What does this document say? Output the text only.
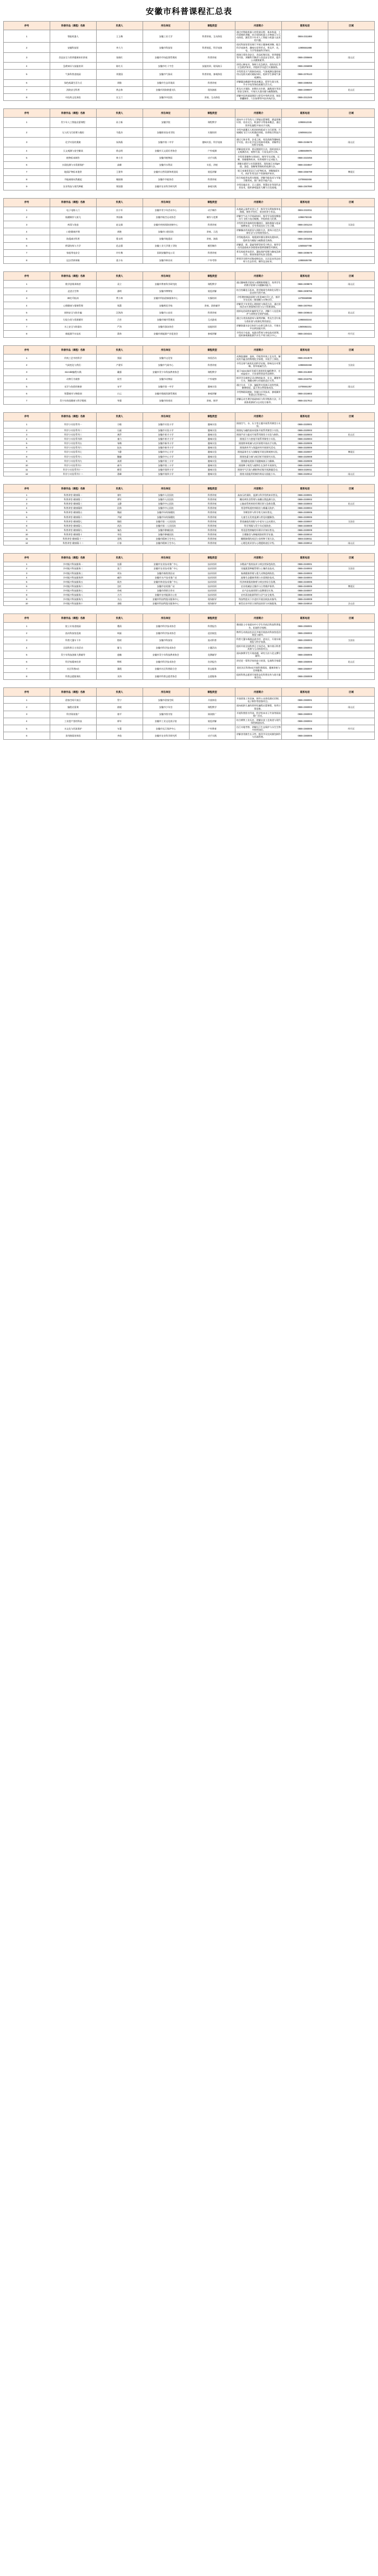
安徽市科普课程汇总表
序号	科普作品（课程）名称	负责人	所在单位	课程类型	内容简介	联系电话	区域
1	智能机器人	王玉梅	安徽工业大学	科普讲座、互动体验	通过对智能机器人的发展历程、基本构造、工作原理的讲解，结合现场机器人实物演示与互动体验，激发青少年对人工智能与机器人技术的兴趣。	0555-2311888	
2	安徽科技馆	李大力	安徽市科技馆	科普展览、科学表演	依托科技馆常设展厅开展主题参观讲解，配合科学表演秀、趣味实验等形式，普及声、光、电、力学等基础科学知识。	13905551888	
3	食品安全与营养健康知识讲座	张晓红	安徽市市场监督管理局	科普讲座	围绕日常饮食安全、食品标签识读、营养搭配等内容，讲解科学膳食与食品安全常识，提升公众健康素养。	0555-2355666	雨山区
4	急救知识与技能培训	陈红兵	安徽市红十字会	技能培训、现场演示	讲授心肺复苏、海姆立克急救法、创伤包扎等应急救护知识，并组织学员进行实操演练。	0555-2366999	
5	气象科普进校园	刘建国	安徽市气象局	科普讲座、参观体验	介绍常见天气现象的成因、气象观测仪器的使用以及防灾减灾避险知识，组织学生参观气象观测场。	0555-2378123	
6	绿色低碳生活方式	周敏	安徽市生态环境局	科普讲座	讲解碳达峰碳中和基本概念，倡导垃圾分类、节水节电等绿色低碳生活方式。	0555-2388456	
7	消防安全科普	黄志伟	安徽市消防救援支队	现场演练	普及火灾预防、初期火灾扑救、疏散逃生等消防安全知识，开展灭火器实操与疏散演练。	0555-2399007	花山区
8	中医药文化体验	吴玉兰	安徽市中医院	讲座、互动体验	讲解中医药基础理论与常见中草药识别，体验香囊制作、穴位按摩等中医传统疗法。	0555-2312345	
序号	科普作品（课程）名称	负责人	所在单位	课程类型	内容简介	联系电话	区域
1	青少年人工智能启蒙课程	孙立新	安徽学院	课程教学	面向中小学生的人工智能启蒙课程，涵盖图像识别、语音交互、机器学习等基本概念，通过图形化编程开展动手实践。	13955512345	
2	无人机飞行原理与操控	马俊杰	安徽职业技术学院	实操培训	介绍多旋翼无人机的结构组成与飞行原理，开展模拟飞行与实机操控训练，培养航空科技兴趣。	13605551234	
3	化学实验的奥秘	朱海燕	安徽市第二中学	趣味实验、科学表演	通过大象牙膏、法老之蛇、变色溶液等趣味化学实验，展示化学反应的神奇现象，讲解背后的科学原理。	0555-2345678	雨山区
4	天文观测与星空解读	徐志明	安徽市天文爱好者协会	户外观测	讲解星座识别、望远镜使用方法，组织夜间天文观测活动，观察月面、行星及深空天体。	13855509876	
5	植物标本制作	林小芳	安徽市植物园	动手实践	介绍常见植物分类知识，指导学员采集、压制、装帧植物标本，培养观察与记录能力。	0555-2323456	
6	水质检测与水资源保护	高峰	安徽市水利局	实验、讲座	讲解水循环与水资源现状，现场演示水体pH值、浊度、溶解氧等指标的检测方法。	0555-2334567	
7	地质矿物标本鉴赏	王建华	安徽市自然资源和规划局	展览讲解	展示本地常见岩石与矿物标本，讲解地质年代、成矿作用及矿产资源保护知识。	0555-2356789	博望区
8	节能减排从我做起	谢丽娟	安徽市节能协会	科普讲座	结合家庭用电用水数据，讲解节能技术与节能习惯养成，推广新型节能产品。	13705553456	
9	农业科技与现代种植	郑国强	安徽市农业科学研究所	参观实践	介绍设施农业、无土栽培、智慧农业等现代农业技术，组织参观温室大棚与示范基地。	0555-2367890	
序号	科普作品（课程）名称	负责人	所在单位	课程类型	内容简介	联系电话	区域
1	电子电路入门	田小军	安徽市青少年活动中心	动手制作	从基础元器件识别入手，指导学员焊接简单电路板，制作声控灯、收音机等小作品。	0555-2310011	
2	航模制作与放飞	李国栋	安徽市航空运动协会	制作与竞赛	讲解空气动力学基础知识，指导学员组装橡筋动力飞机与电动航模，并组织放飞比赛。	13956782345	
3	病毒与免疫	赵文娟	安徽市疾病预防控制中心	科普讲座	介绍常见传染病的传播途径、预防措施与疫苗接种知识，引导养成良好卫生习惯。	0555-2301234	当涂县
4	口腔健康护理	胡艳	安徽市口腔医院	讲座、示范	讲解龋齿形成原因与预防方法，现场示范巴氏刷牙法与牙线使用技巧。	0555-2302345	
5	防震减灾科普	曹永明	安徽市地震局	讲座、演练	介绍地震成因、地震波传播及建筑抗震知识，组织室内避险与疏散逃生演练。	0555-2303456	
6	桥梁结构与力学	范志强	安徽工业大学建工学院	模型制作	讲解梁、拱、悬索等桥型的受力特点，指导学员用意面或木条搭建承重桥梁模型并测试。	13605557788	
7	家庭用电安全	许红梅	国网安徽供电公司	科普讲座	普及家庭用电常识、漏电保护原理与触电急救方法，排查家庭用电安全隐患。	0555-2305678	
8	昆虫世界探秘	聂小东	安徽市林业局	户外考察	带领学员野外采集观察昆虫，认识昆虫形态结构与生态作用，制作昆虫标本。	13855506789	
序号	科普作品（课程）名称	负责人	所在单位	课程类型	内容简介	联系电话	区域
1	数学思维训练营	袁立	安徽市教育科学研究院	课程教学	通过趣味数学游戏与逻辑推理题目，培养学生的数学思维与问题解决能力。	0555-2309876	雨山区
2	走进古生物	邵明	安徽市博物馆	展览讲解	结合馆藏化石标本，讲述地球生命演化历程与恐龙时代的兴衰。	0555-2308765	
3	3D打印技术	费小林	安徽市科技创新服务中心	实操培训	介绍增材制造原理与常见3D打印工艺，指导学员完成三维建模与实物打印。	13705559988	
4	心理健康与情绪管理	钱慧	安徽师范学校	讲座、团体辅导	讲解青少年常见心理困扰与调适方法，通过团体活动开展情绪识别与压力管理训练。	0555-2307654	
5	网络安全与防诈骗	汪海涛	安徽市公安局	科普讲座	剖析电信网络诈骗常见手法，讲解个人信息保护与网络安全防护技能。	0555-2306543	花山区
6	垃圾分类与资源循环	吕芳	安徽市城市管理局	互动游戏	通过分类投放游戏与案例讲解，普及生活垃圾分类标准与资源化利用途径。	13955503344	
7	水上安全与防溺水	严涛	安徽市游泳协会	技能培训	讲解防溺水安全知识与自救互救方法，开展水中自救技能实训。	13605552211	
8	新能源汽车技术	蒋伟	安徽市新能源产业促进会	参观讲解	介绍动力电池、电驱动系统与充电技术原理，组织参观新能源汽车生产线与展示中心。	0555-2304321	经开区
序号	科普作品（课程）名称	负责人	所在单位	课程类型	内容简介	联系电话	区域
1	传统工艺中的科学	贾丽	安徽市文化馆	体验活动	从陶瓷烧制、造纸、印染等传统工艺出发，解读其中蕴含的物理化学原理，开展手工体验。	0555-2313579	
2	气候变化与我们	卢建军	安徽市气候中心	科普讲座	介绍全球气候变化的科学证据、影响及应对策略，倡导低碳生活。	13855502468	当涂县
3	microbit编程实践	戴强	安徽市青少年科技教育协会	课程教学	基于micro:bit开发板开展图形化编程教学，完成温度计、计步器等创意作品制作。	0555-2314680	
4	动物行为观察	侯雪	安徽市动物园	户外观察	指导学员观察记录动物的取食、社交、繁殖等行为，理解动物与环境的适应关系。	0555-2315791	
5	光学与色彩的秘密	宋平	安徽市第一中学	趣味实验	通过分光、干涉、偏振等实验演示光的性质，解释彩虹、蓝天等自然现象成因。	13705551357	雨山区
6	智慧城市与物联网	白云	安徽市数据资源管理局	参观讲解	介绍物联网感知、传输与应用技术，参观城市智慧运行管理中心。	0555-2316802	
7	青少年体质健康与科学锻炼	毕强	安徽市体育局	讲座、指导	讲解运动生理学基础知识与科学锻炼方法，开展体质测试与运动处方指导。	0555-2317913	
序号	科普作品（课程）名称	负责人	所在单位	课程类型	内容简介	联系电话	区域
1	科学小实验系列一	方敏	安徽市实验小学	趣味实验	围绕空气、水、压力等主题开展系列课堂小实验。	0555-2320001	
2	科学小实验系列二	石磊	安徽市实验小学	趣味实验	围绕电与磁的基本现象开展系列课堂小实验。	0555-2320002	
3	科学小实验系列三	龚萍	安徽市育才小学	趣味实验	围绕声音与振动开展系列课堂小实验与制作。	0555-2320003	花山区
4	科学小实验系列四	童力	安徽市育才小学	趣味实验	围绕浮力与密度开展系列课堂小实验。	0555-2320004	
5	科学小实验系列五	邹梅	安徽市新市小学	趣味实验	围绕简单机械与杠杆原理开展动手实践。	0555-2320005	
6	科学小实验系列六	阮东	安徽市新市小学	趣味实验	围绕热传导与保温材料开展探究活动。	0555-2320006	
7	科学小实验系列七	卞静	安徽市中心小学	趣味实验	围绕晶体生长与溶解度开展长期观察实验。	0555-2320007	博望区
8	科学小实验系列八	鲍捷	安徽市中心小学	趣味实验	围绕色素分离与纸层析开展探究实验。	0555-2320008	
9	科学小实验系列九	汤勇	安徽市第三小学	趣味实验	围绕静电现象开展趣味演示与解释。	0555-2320009	
10	科学小实验系列十	郝丹	安徽市第三小学	趣味实验	围绕种子萌发与植物生长条件开展探究。	0555-2320010	
11	科学小实验系列十一	柳青	安徽市第四小学	趣味实验	围绕空气污染与颗粒物采集开展测量活动。	0555-2320011	
12	科学小实验系列十二	葛峰	安徽市第四小学	趣味实验	围绕太阳能利用制作简易太阳能小车。	0555-2320012	雨山区
序号	科普作品（课程）名称	负责人	所在单位	课程类型	内容简介	联系电话	区域
1	科普讲堂·健康篇一	崔红	安徽市人民医院	科普讲座	高血压的预防、监测与科学用药知识普及。	0555-2330001	
2	科普讲堂·健康篇二	谭军	安徽市人民医院	科普讲座	糖尿病饮食管理与血糖自我监测方法。	0555-2330002	
3	科普讲堂·健康篇三	文静	安徽市中心医院	科普讲座	心脑血管疾病的早期识别与急救处置。	0555-2330003	花山区
4	科普讲堂·健康篇四	段伟	安徽市中心医院	科普讲座	常见呼吸道疾病防治与雾霾天防护。	0555-2330004	
5	科普讲堂·健康篇五	隋丽	安徽市妇幼保健院	科普讲座	孕期营养与科学育儿知识普及。	0555-2330005	
6	科普讲堂·健康篇六	尹斌	安徽市妇幼保健院	科普讲座	儿童生长发育监测与常见问题解答。	0555-2330006	
7	科普讲堂·健康篇七	路阳	安徽市第二人民医院	科普讲座	骨质疏松的预防与中老年人运动建议。	0555-2330007	当涂县
8	科普讲堂·健康篇八	尚洁	安徽市第二人民医院	科普讲座	科学用眼与青少年近视防控。	0555-2330008	
9	科普讲堂·健康篇九	秦浩	安徽市肿瘤医院	科普讲座	常见恶性肿瘤的早筛早诊知识普及。	0555-2330009	
10	科普讲堂·健康篇十	邓佳	安徽市肿瘤医院	科普讲座	合理膳食与肿瘤预防的科学证据。	0555-2330010	
11	科普讲堂·健康篇十一	雷鸣	安徽市精神卫生中心	科普讲座	睡眠障碍的成因与非药物干预方法。	0555-2330011	
12	科普讲堂·健康篇十二	应春	安徽市精神卫生中心	科普讲座	心理危机识别与心理援助途径介绍。	0555-2330012	雨山区
序号	科普作品（课程）名称	负责人	所在单位	课程类型	内容简介	联系电话	区域
1	乡村振兴科技服务一	伍强	安徽市农业技术推广中心	技术培训	水稻高产栽培技术与病虫害绿色防控。	0555-2340001	
2	乡村振兴科技服务二	莫兰	安徽市农业技术推广中心	技术培训	设施蔬菜种植管理与土壤改良技术。	0555-2340002	当涂县
3	乡村振兴科技服务三	项东	安徽市畜牧兽医站	技术培训	畜禽健康养殖与重大动物疫病防控。	0555-2340003	
4	乡村振兴科技服务四	臧玲	安徽市水产技术推广站	技术培训	池塘生态健康养殖与水质调控技术。	0555-2340004	
5	乡村振兴科技服务五	闻杰	安徽市林业技术推广中心	技术培训	经济林果栽培修剪与病虫害综合治理。	0555-2340005	
6	乡村振兴科技服务六	边红	安徽市农机推广站	技术培训	农业机械安全操作与日常维护保养。	0555-2340006	博望区
7	乡村振兴科技服务七	佟威	安徽市供销合作社	技术培训	农产品电商营销与品牌建设实务。	0555-2340007	
8	乡村振兴科技服务八	古月	安徽市农村能源办公室	技术培训	农村清洁能源利用与沼气安全使用。	0555-2340008	
9	乡村振兴科技服务九	关山	安徽市科技特派员服务中心	现场指导	科技特派员下乡进村开展田间技术指导。	0555-2340009	
10	乡村振兴科技服务十	查敏	安徽市科技特派员服务中心	现场指导	新型农业经营主体科技培训与对接服务。	0555-2340010	含山县
序号	科普作品（课程）名称	负责人	所在单位	课程类型	内容简介	联系电话	区域
1	院士专家进校园	穆清	安徽市科学技术协会	科普报告	邀请院士专家面向中小学生作前沿科技科普报告，拓展科学视野。	0555-2350001	
2	流动科技馆巡展	柯磊	安徽市科学技术协会	巡回展览	携带互动展品赴县区乡镇开展流动科技馆巡回展览与辅导。	0555-2350002	
3	科普大篷车下乡	殷瑶	安徽市科技馆	流动科普	科普大篷车载展品进乡村、进社区，开展车载展览与科学表演。	0555-2350003	当涂县
4	全国科普日主场活动	滕飞	安徽市科学技术协会	主题活动	组织开展全国科普日主场活动，集中展示科普成果与互动体验项目。	0555-2350004	
5	青少年科技创新大赛辅导	盛楠	安徽市青少年科技教育协会	竞赛辅导	面向参赛学生开展选题、研究方法与论文撰写辅导。	0555-2350005	
6	科学家精神宣讲	缪辉	安徽市科学技术协会	宣讲报告	讲述老一辈科学家的奋斗故事，弘扬科学家精神。	0555-2350006	花山区
7	社区科普e站	冀霞	安徽市社区科普联合会	常态服务	依托社区科普e站开展科普阅读、健康讲座与咨询服务。	0555-2350007	
8	科普志愿服务队	巫涛	安徽市科普志愿者协会	志愿服务	组织科普志愿者开展常态化科普宣传与助力服务活动。	0555-2350008	
序号	科普作品（课程）名称	负责人	所在单位	课程类型	内容简介	联系电话	区域
1	创客空间开放日	管宁	安徽市创客空间	开放体验	开放创客工坊设备，指导公众体验激光切割、电子制作等创客项目。	0555-2360001	
2	编程启蒙课	曲媛	安徽市少年宫	课程教学	面向低龄儿童的图形化编程启蒙课程，培养计算思维。	0555-2360002	雨山区
3	科学阅读推广	康平	安徽市图书馆	阅读推广	开展科普图书导读、科学绘本亲子共读等阅读推广活动。	0555-2360003	
4	工业遗产里的科技	邢军	安徽市工业文化展示馆	展览讲解	结合钢铁工业历史，讲解冶金工艺演进与现代绿色制造技术。	0555-2360004	
5	水文化与河流保护	车蕾	安徽市长江保护中心	户外教育	沿江实地考察，讲解长江生态保护与水生生物多样性知识。	0555-2360005	经开区
6	食用菌栽培体验	齐放	安徽市农业科学研究所	动手实践	讲解食用菌生长习性，指导学员完成菌包制作与出菇管理。	0555-2360006	
